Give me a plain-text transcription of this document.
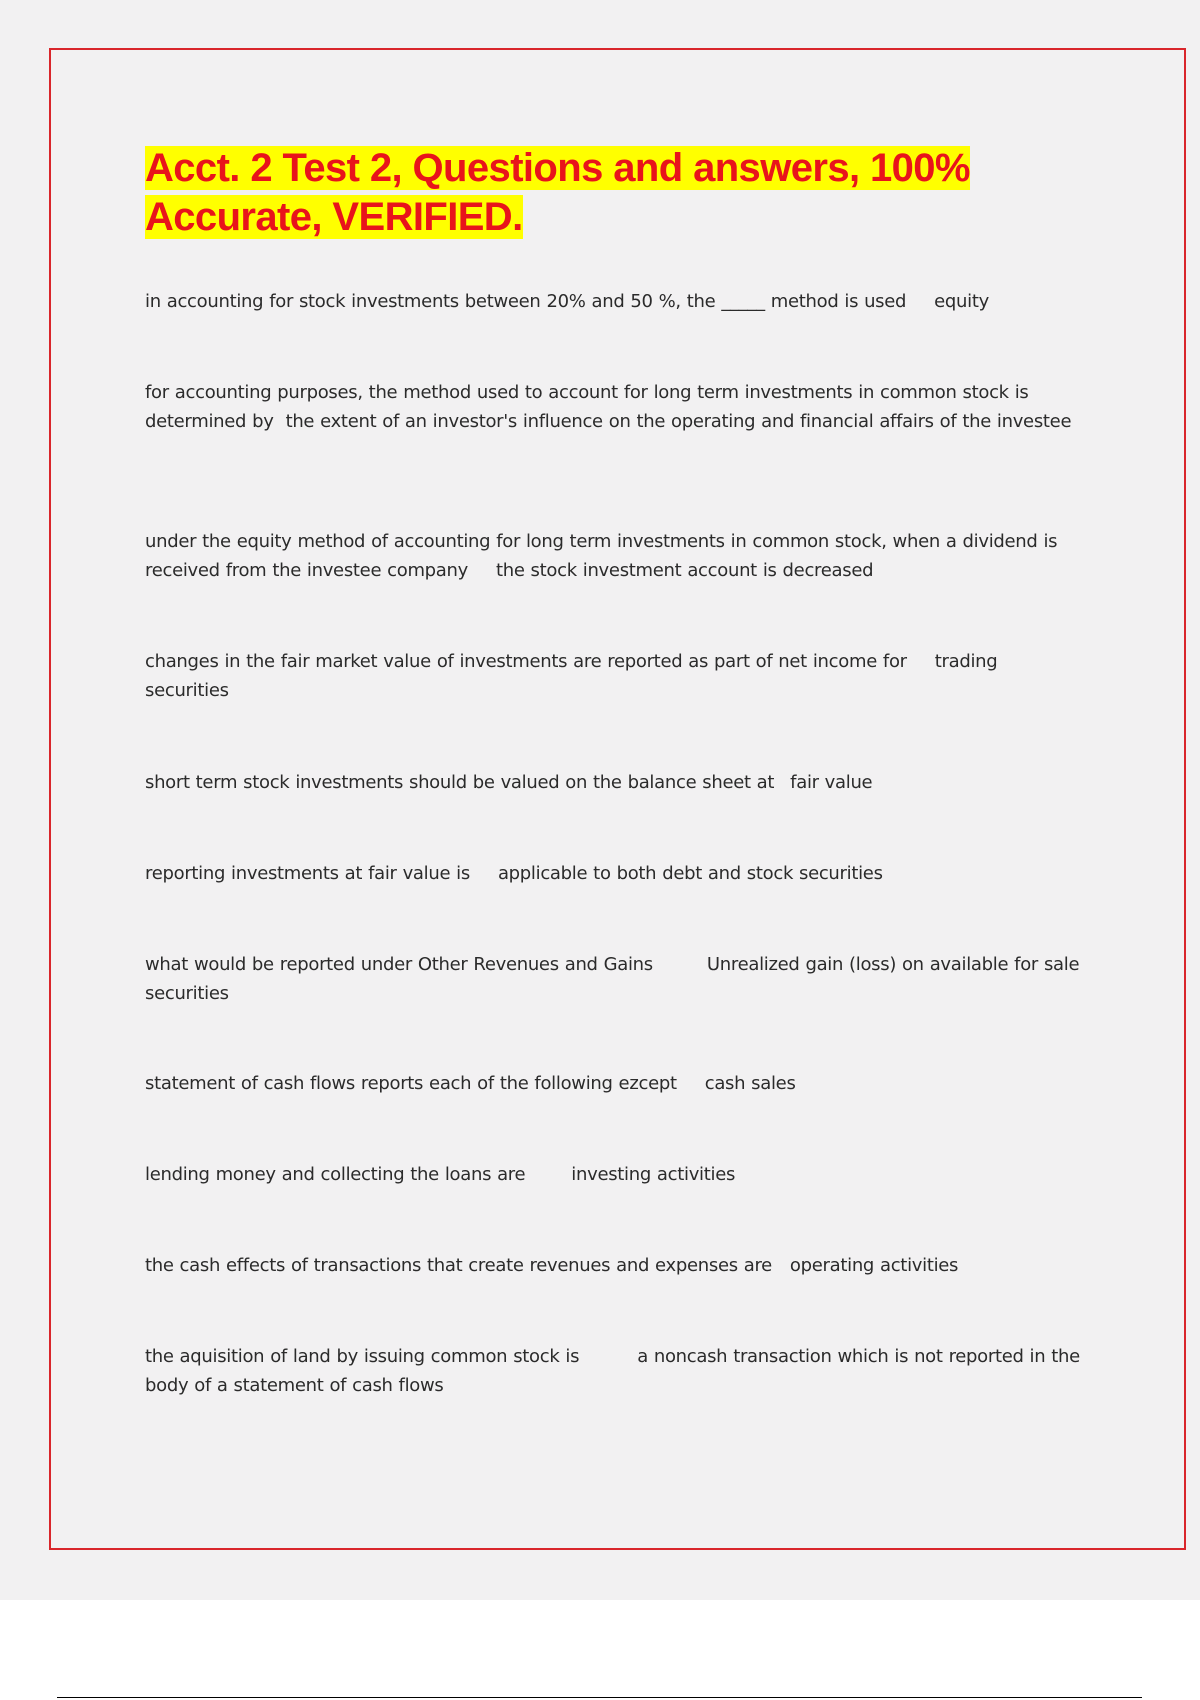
Acct. 2 Test 2, Questions and answers, 100%
Accurate, VERIFIED.

in accounting for stock investments between 20% and 50 %, the _____ method is used equity

for accounting purposes, the method used to account for long term investments in common stock is determined by the extent of an investor's influence on the operating and financial affairs of the investee

under the equity method of accounting for long term investments in common stock, when a dividend is received from the investee company the stock investment account is decreased

changes in the fair market value of investments are reported as part of net income for trading securities

short term stock investments should be valued on the balance sheet at fair value

reporting investments at fair value is applicable to both debt and stock securities

what would be reported under Other Revenues and Gains	Unrealized gain (loss) on available for sale securities

statement of cash flows reports each of the following ezcept cash sales

lending money and collecting the loans are	investing activities

the cash effects of transactions that create revenues and expenses are operating activities

the aquisition of land by issuing common stock is	a noncash transaction which is not reported in the body of a statement of cash flows
